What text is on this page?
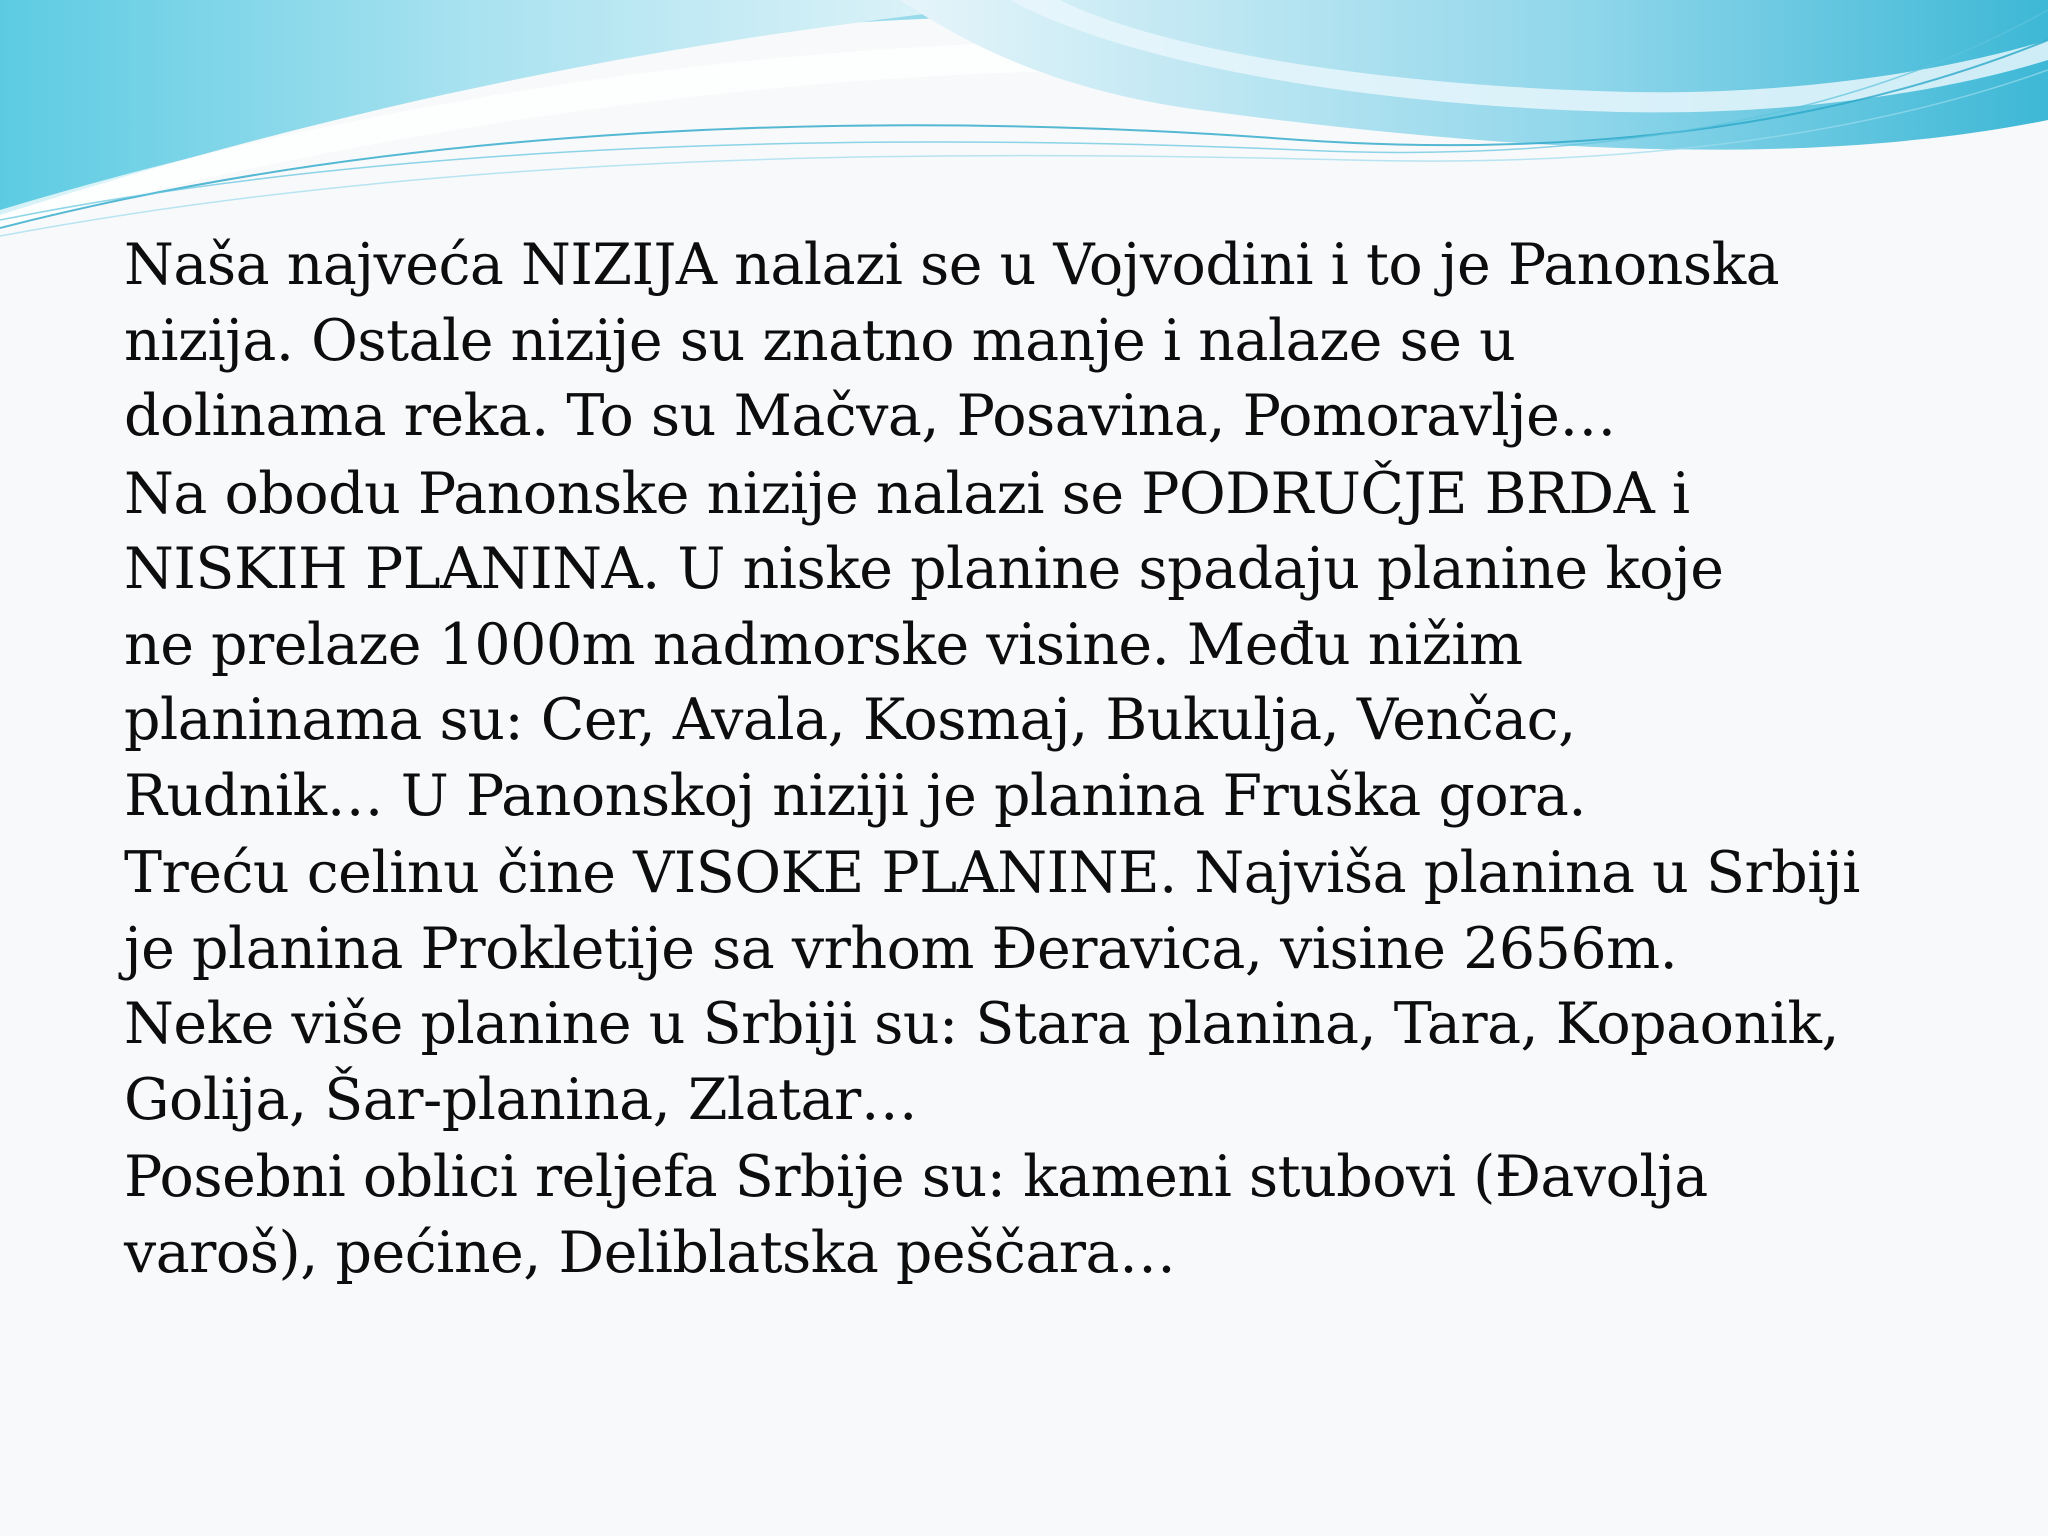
Naša najveća NIZIJA nalazi se u Vojvodini i to je Panonska
nizija. Ostale nizije su znatno manje i nalaze se u
dolinama reka. To su Mačva, Posavina, Pomoravlje…

Na obodu Panonske nizije nalazi se PODRUČJE BRDA i
NISKIH PLANINA. U niske planine spadaju planine koje
ne prelaze 1000m nadmorske visine. Među nižim
planinama su: Cer, Avala, Kosmaj, Bukulja, Venčac,
Rudnik… U Panonskoj niziji je planina Fruška gora.

Treću celinu čine VISOKE PLANINE. Najviša planina u Srbiji
je planina Prokletije sa vrhom Đeravica, visine 2656m.
Neke više planine u Srbiji su: Stara planina, Tara, Kopaonik,
Golija, Šar-planina, Zlatar…

Posebni oblici reljefa Srbije su: kameni stubovi (Đavolja
varoš), pećine, Deliblatska peščara…
